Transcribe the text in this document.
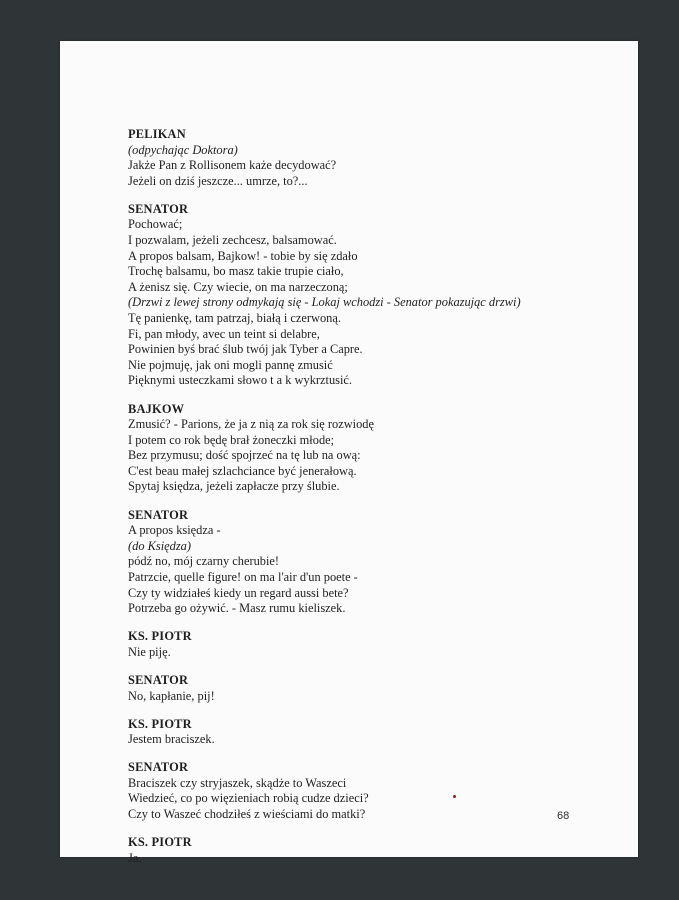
PELIKAN
(odpychając Doktora)
Jakże Pan z Rollisonem każe decydować?
Jeżeli on dziś jeszcze... umrze, to?...
SENATOR
Pochować;
I pozwalam, jeżeli zechcesz, balsamować.
A propos balsam, Bajkow! - tobie by się zdało
Trochę balsamu, bo masz takie trupie ciało,
A żenisz się. Czy wiecie, on ma narzeczoną;
(Drzwi z lewej strony odmykają się - Lokaj wchodzi - Senator pokazując drzwi)
Tę panienkę, tam patrzaj, białą i czerwoną.
Fi, pan młody, avec un teint si delabre,
Powinien byś brać ślub twój jak Tyber a Capre.
Nie pojmuję, jak oni mogli pannę zmusić
Pięknymi usteczkami słowo t a k wykrztusić.
BAJKOW
Zmusić? - Parions, że ja z nią za rok się rozwiodę
I potem co rok będę brał żoneczki młode;
Bez przymusu; dość spojrzeć na tę lub na ową:
C'est beau małej szlachciance być jenerałową.
Spytaj księdza, jeżeli zapłacze przy ślubie.
SENATOR
A propos księdza -
(do Księdza)
pódź no, mój czarny cherubie!
Patrzcie, quelle figure! on ma l'air d'un poete -
Czy ty widziałeś kiedy un regard aussi bete?
Potrzeba go ożywić. - Masz rumu kieliszek.
KS. PIOTR
Nie piję.
SENATOR
No, kapłanie, pij!
KS. PIOTR
Jestem braciszek.
SENATOR
Braciszek czy stryjaszek, skądże to Waszeci
Wiedzieć, co po więzieniach robią cudze dzieci?
Czy to Waszeć chodziłeś z wieściami do matki?
KS. PIOTR
Ja.
68
